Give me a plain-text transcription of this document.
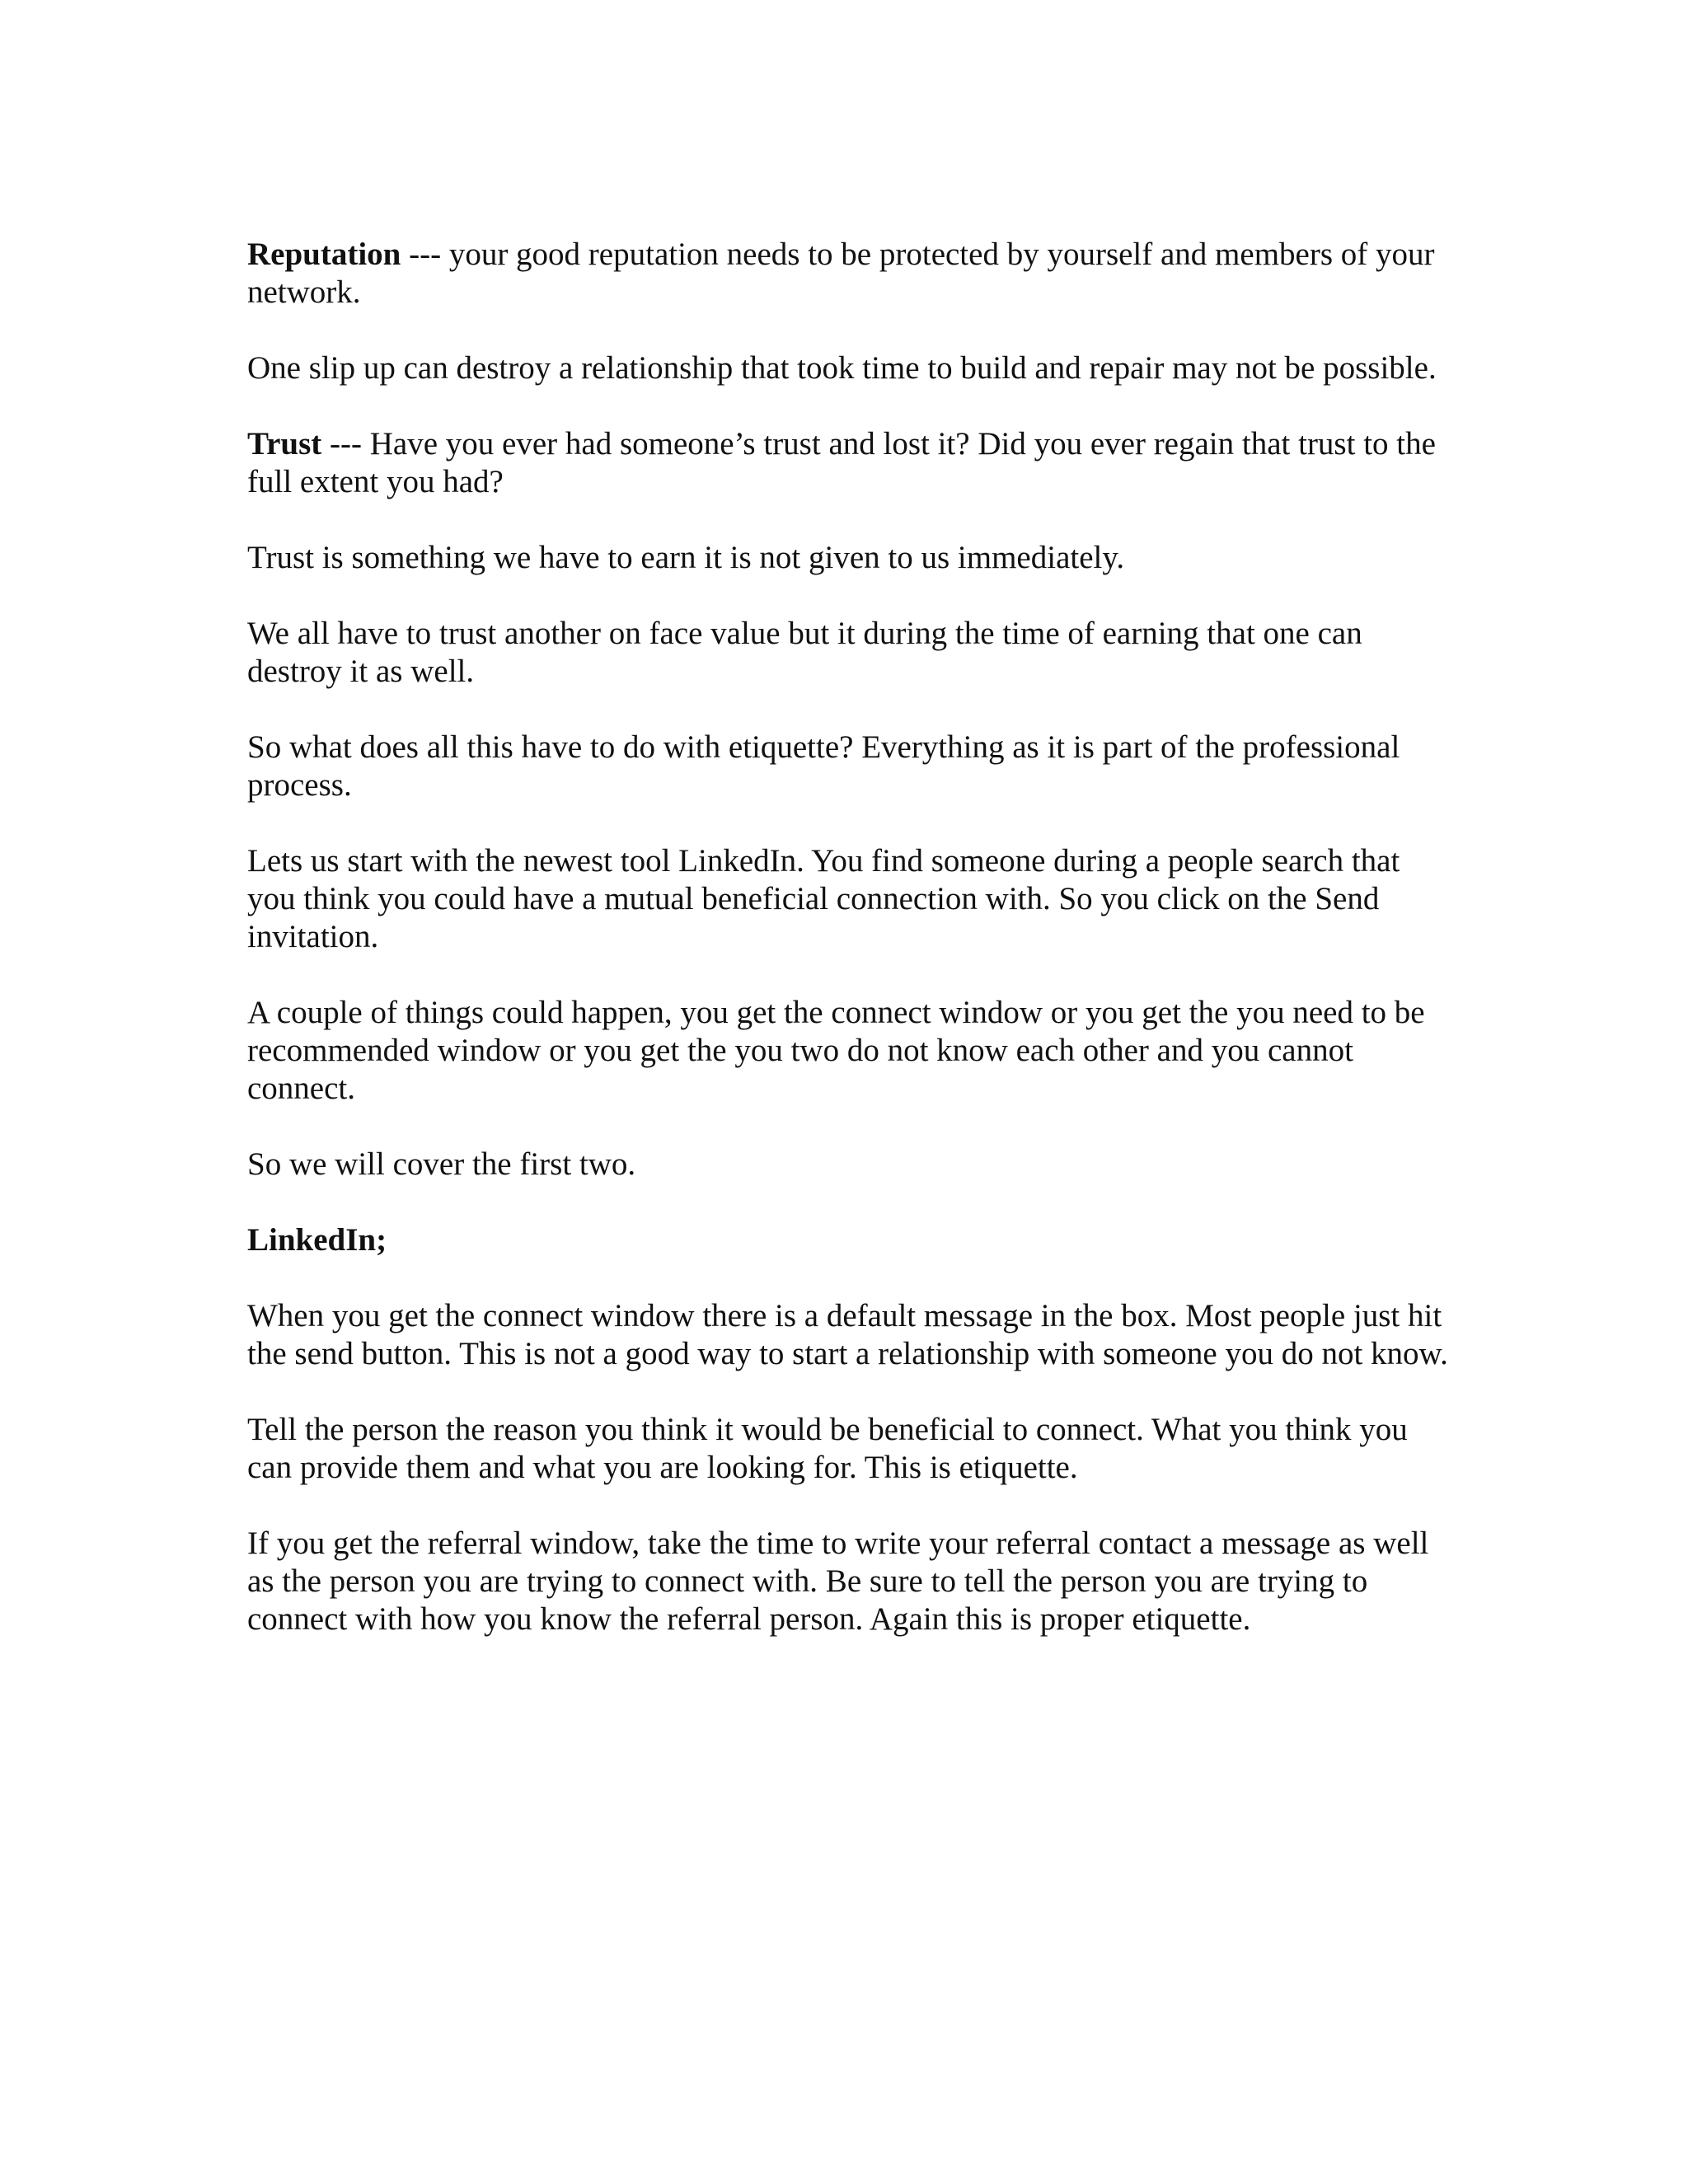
Reputation --- your good reputation needs to be protected by yourself and members of your network.

One slip up can destroy a relationship that took time to build and repair may not be possible.

Trust --- Have you ever had someone’s trust and lost it? Did you ever regain that trust to the full extent you had?

Trust is something we have to earn it is not given to us immediately.

We all have to trust another on face value but it during the time of earning that one can destroy it as well.

So what does all this have to do with etiquette? Everything as it is part of the professional process.

Lets us start with the newest tool LinkedIn. You find someone during a people search that you think you could have a mutual beneficial connection with. So you click on the Send invitation.

A couple of things could happen, you get the connect window or you get the you need to be recommended window or you get the you two do not know each other and you cannot connect.

So we will cover the first two.

LinkedIn;

When you get the connect window there is a default message in the box. Most people just hit the send button. This is not a good way to start a relationship with someone you do not know.

Tell the person the reason you think it would be beneficial to connect. What you think you can provide them and what you are looking for. This is etiquette.

If you get the referral window, take the time to write your referral contact a message as well as the person you are trying to connect with. Be sure to tell the person you are trying to connect with how you know the referral person. Again this is proper etiquette.
